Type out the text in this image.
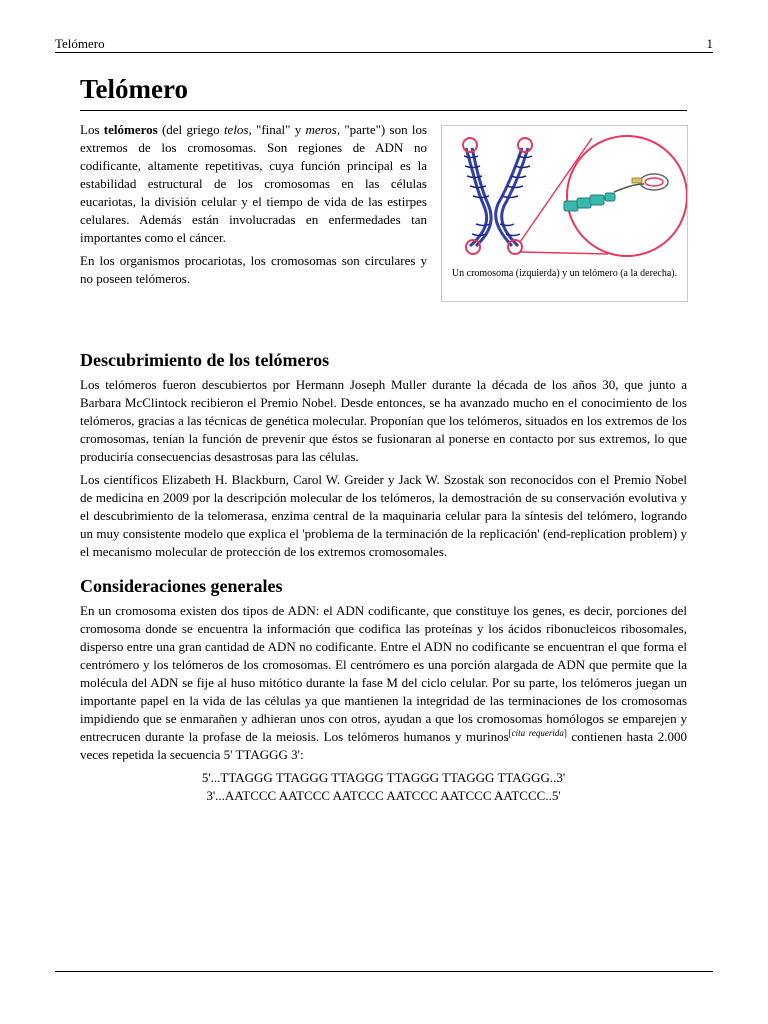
Telómero	1
Telómero

Los telómeros (del griego telos, "final" y meros, "parte") son los extremos de los cromosomas. Son regiones de ADN no codificante, altamente repetitivas, cuya función principal es la estabilidad estructural de los cromosomas en las células eucariotas, la división celular y el tiempo de vida de las estirpes celulares. Además están involucradas en enfermedades tan importantes como el cáncer.

En los organismos procariotas, los cromosomas son circulares y no poseen telómeros.	Un cromosoma (izquierda) y un telómero (a la derecha).
Descubrimiento de los telómeros

Los telómeros fueron descubiertos por Hermann Joseph Muller durante la década de los años 30, que junto a Barbara McClintock recibieron el Premio Nobel. Desde entonces, se ha avanzado mucho en el conocimiento de los telómeros, gracias a las técnicas de genética molecular. Proponían que los telómeros, situados en los extremos de los cromosomas, tenían la función de prevenir que éstos se fusionaran al ponerse en contacto por sus extremos, lo que produciría consecuencias desastrosas para las células.

Los científicos Elizabeth H. Blackburn, Carol W. Greider y Jack W. Szostak son reconocidos con el Premio Nobel de medicina en 2009 por la descripción molecular de los telómeros, la demostración de su conservación evolutiva y el descubrimiento de la telomerasa, enzima central de la maquinaria celular para la síntesis del telómero, logrando un muy consistente modelo que explica el 'problema de la terminación de la replicación' (end-replication problem) y el mecanismo molecular de protección de los extremos cromosomales.

Consideraciones generales

En un cromosoma existen dos tipos de ADN: el ADN codificante, que constituye los genes, es decir, porciones del cromosoma donde se encuentra la información que codifica las proteínas y los ácidos ribonucleicos ribosomales, disperso entre una gran cantidad de ADN no codificante. Entre el ADN no codificante se encuentran el que forma el centrómero y los telómeros de los cromosomas. El centrómero es una porción alargada de ADN que permite que la molécula del ADN se fije al huso mitótico durante la fase M del ciclo celular. Por su parte, los telómeros juegan un importante papel en la vida de las células ya que mantienen la integridad de las terminaciones de los cromosomas impidiendo que se enmarañen y adhieran unos con otros, ayudan a que los cromosomas homólogos se emparejen y entrecrucen durante la profase de la meiosis. Los telómeros humanos y murinos[cita requerida] contienen hasta 2.000 veces repetida la secuencia 5' TTAGGG 3':

5'...TTAGGG TTAGGG TTAGGG TTAGGG TTAGGG TTAGGG..3'
3'...AATCCC AATCCC AATCCC AATCCC AATCCC AATCCC..5'
